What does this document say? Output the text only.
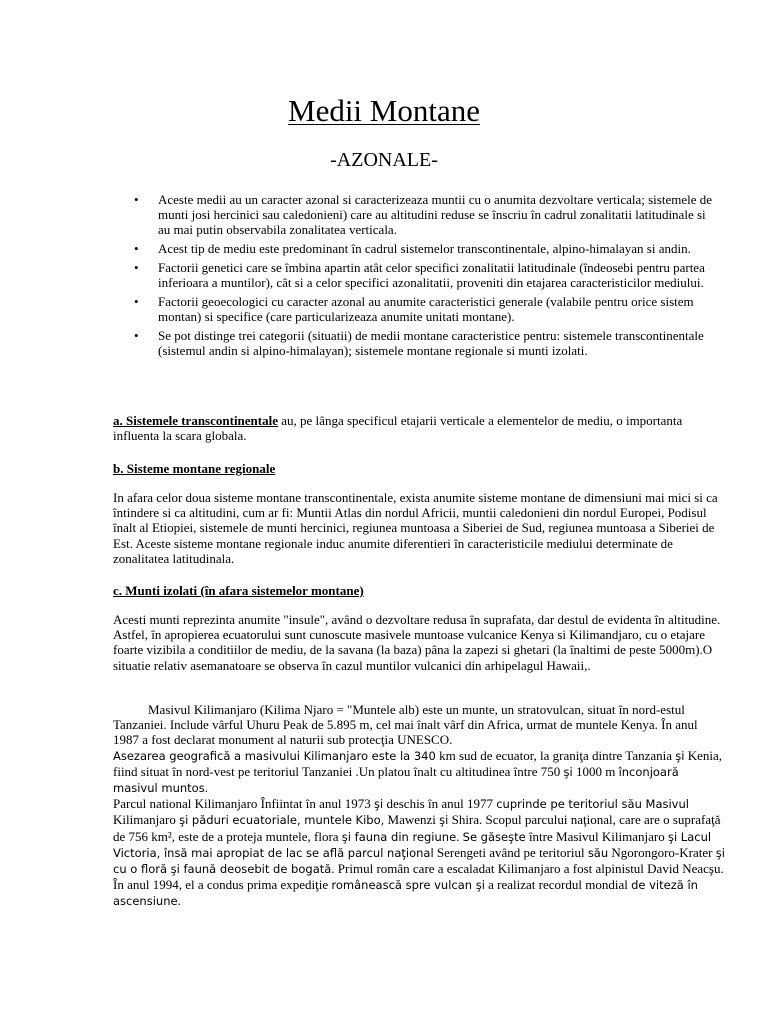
Medii Montane
-AZONALE-
• Aceste medii au un caracter azonal si caracterizeaza muntii cu o anumita dezvoltare verticala; sistemele de munti josi hercinici sau caledonieni) care au altitudini reduse se înscriu în cadrul zonalitatii latitudinale si au mai putin observabila zonalitatea verticala.
• Acest tip de mediu este predominant în cadrul sistemelor transcontinentale, alpino-himalayan si andin.
• Factorii genetici care se îmbina apartin atât celor specifici zonalitatii latitudinale (îndeosebi pentru partea inferioara a muntilor), cât si a celor specifici azonalitatii, proveniti din etajarea caracteristicilor mediului.
• Factorii geoecologici cu caracter azonal au anumite caracteristici generale (valabile pentru orice sistem montan) si specifice (care particularizeaza anumite unitati montane).
• Se pot distinge trei categorii (situatii) de medii montane caracteristice pentru: sistemele transcontinentale (sistemul andin si alpino-himalayan); sistemele montane regionale si munti izolati.

a. Sistemele transcontinentale au, pe lânga specificul etajarii verticale a elementelor de mediu, o importanta influenta la scara globala.

b. Sisteme montane regionale
In afara celor doua sisteme montane transcontinentale, exista anumite sisteme montane de dimensiuni mai mici si ca întindere si ca altitudini, cum ar fi: Muntii Atlas din nordul Africii, muntii caledonieni din nordul Europei, Podisul înalt al Etiopiei, sistemele de munti hercinici, regiunea muntoasa a Siberiei de Sud, regiunea muntoasa a Siberiei de Est. Aceste sisteme montane regionale induc anumite diferentieri în caracteristicile mediului determinate de zonalitatea latitudinala.
c. Munti izolati (în afara sistemelor montane)
Acesti munti reprezinta anumite "insule", având o dezvoltare redusa în suprafata, dar destul de evidenta în altitudine. Astfel, în apropierea ecuatorului sunt cunoscute masivele muntoase vulcanice Kenya si Kilimandjaro, cu o etajare foarte vizibila a conditiilor de mediu, de la savana (la baza) pâna la zapezi si ghetari (la înaltimi de peste 5000m).O situatie relativ asemanatoare se observa în cazul muntilor vulcanici din arhipelagul Hawaii,.

Masivul Kilimanjaro (Kilima Njaro = "Muntele alb) este un munte, un stratovulcan, situat în nord-estul Tanzaniei. Include vârful Uhuru Peak de 5.895 m, cel mai înalt vârf din Africa, urmat de muntele Kenya. În anul 1987 a fost declarat monument al naturii sub protecţia UNESCO.

Asezarea geografică a masivului Kilimanjaro este la 340 km sud de ecuator, la graniţa dintre Tanzania şi Kenia, fiind situat în nord-vest pe teritoriul Tanzaniei .Un platou înalt cu altitudinea între 750 şi 1000 m înconjoară masivul muntos.

Parcul national Kilimanjaro Înfiintat în anul 1973 şi deschis în anul 1977 cuprinde pe teritoriul său Masivul Kilimanjaro şi păduri ecuatoriale, muntele Kibo, Mawenzi şi Shira. Scopul parcului naţional, care are o suprafaţă de 756 km², este de a proteja muntele, flora şi fauna din regiune. Se găseşte între Masivul Kilimanjaro şi Lacul Victoria, însă mai apropiat de lac se află parcul naţional Serengeti având pe teritoriul său Ngorongoro-Krater şi cu o floră şi faună deosebit de bogată. Primul român care a escaladat Kilimanjaro a fost alpinistul David Neacşu. În anul 1994, el a condus prima expediţie românească spre vulcan şi a realizat recordul mondial de viteză în ascensiune.
